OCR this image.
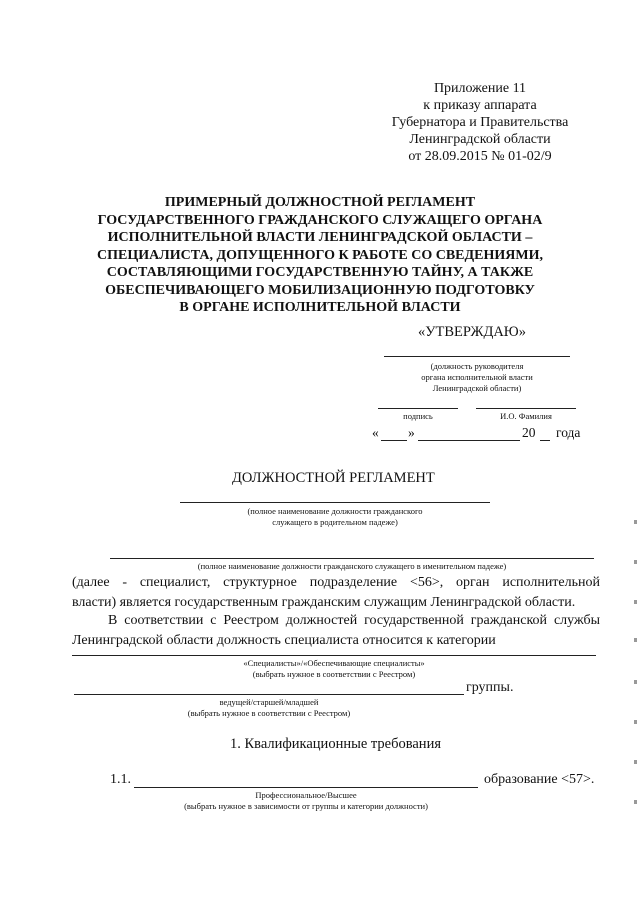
Приложение 11
к приказу аппарата
Губернатора и Правительства
Ленинградской области
от 28.09.2015 № 01-02/9
ПРИМЕРНЫЙ ДОЛЖНОСТНОЙ РЕГЛАМЕНТ
ГОСУДАРСТВЕННОГО ГРАЖДАНСКОГО СЛУЖАЩЕГО ОРГАНА
ИСПОЛНИТЕЛЬНОЙ ВЛАСТИ ЛЕНИНГРАДСКОЙ ОБЛАСТИ –
СПЕЦИАЛИСТА, ДОПУЩЕННОГО К РАБОТЕ СО СВЕДЕНИЯМИ,
СОСТАВЛЯЮЩИМИ ГОСУДАРСТВЕННУЮ ТАЙНУ, А ТАКЖЕ
ОБЕСПЕЧИВАЮЩЕГО МОБИЛИЗАЦИОННУЮ ПОДГОТОВКУ
В ОРГАНЕ ИСПОЛНИТЕЛЬНОЙ ВЛАСТИ
«УТВЕРЖДАЮ»
(должность руководителя
органа исполнительной власти
Ленинградской области)
подпись	И.О. Фамилия
« »	20 года
ДОЛЖНОСТНОЙ РЕГЛАМЕНТ
(полное наименование должности гражданского
служащего в родительном падеже)
(полное наименование должности гражданского служащего в именительном падеже)
(далее - специалист, структурное подразделение <56>, орган исполнительной
власти) является государственным гражданским служащим Ленинградской области.
В соответствии с Реестром должностей государственной гражданской службы
Ленинградской области должность специалиста относится к категории
«Специалисты»/«Обеспечивающие специалисты»
(выбрать нужное в соответствии с Реестром)
группы.
ведущей/старшей/младшей
(выбрать нужное в соответствии с Реестром)
1. Квалификационные требования
1.1.	образование <57>.
Профессиональное/Высшее
(выбрать нужное в зависимости от группы и категории должности)
